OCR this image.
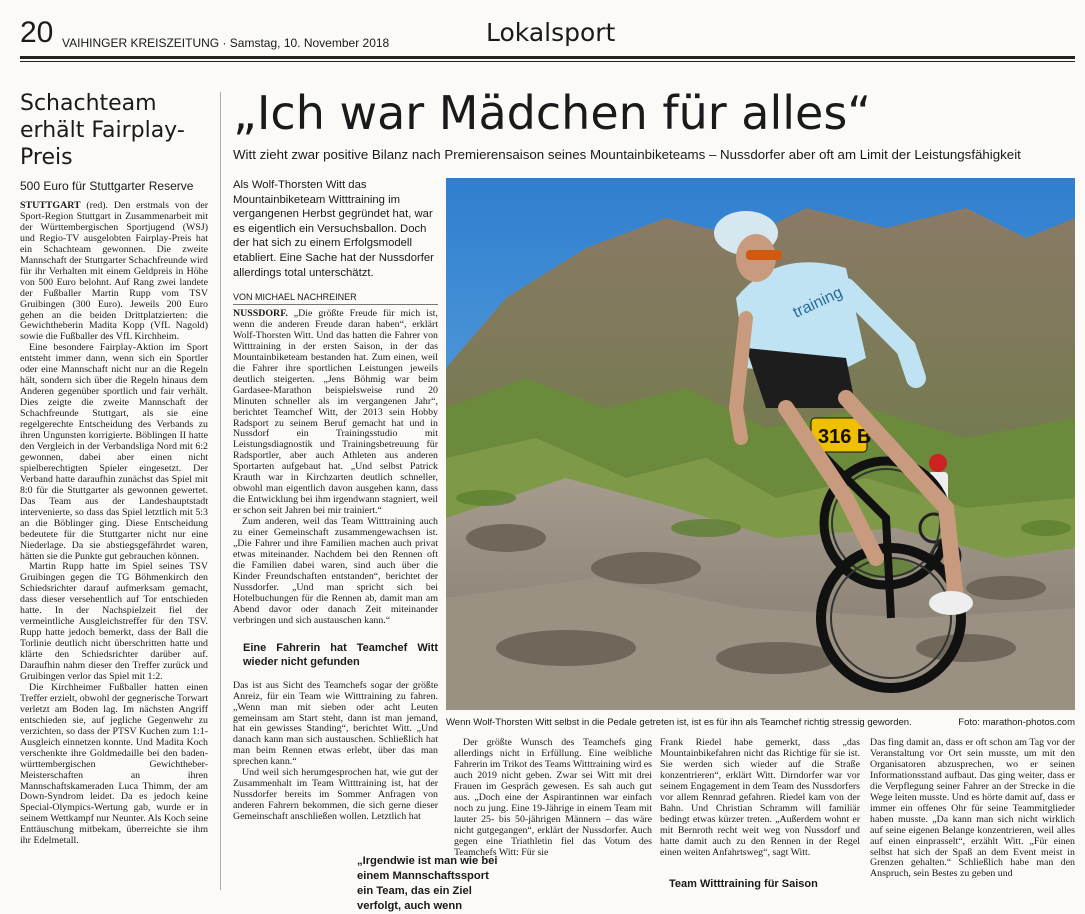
20 VAIHINGER KREISZEITUNG · Samstag, 10. November 2018	Lokalsport
Schachteam erhält Fairplay-Preis
500 Euro für Stuttgarter Reserve

STUTTGART (red). Den erstmals von der Sport-Region Stuttgart in Zusammenarbeit mit der Württembergischen Sportjugend (WSJ) und Regio-TV ausgelobten Fairplay-Preis hat ein Schachteam gewonnen. Die zweite Mannschaft der Stuttgarter Schachfreunde wird für ihr Verhalten mit einem Geldpreis in Höhe von 500 Euro belohnt. Auf Rang zwei landete der Fußballer Martin Rupp vom TSV Gruibingen (300 Euro). Jeweils 200 Euro gehen an die beiden Drittplatzierten: die Gewichtheberin Madita Kopp (VfL Nagold) sowie die Fußballer des VfL Kirchheim.

Eine besondere Fairplay-Aktion im Sport entsteht immer dann, wenn sich ein Sportler oder eine Mannschaft nicht nur an die Regeln hält, sondern sich über die Regeln hinaus dem Anderen gegenüber sportlich und fair verhält. Dies zeigte die zweite Mannschaft der Schachfreunde Stuttgart, als sie eine regelgerechte Entscheidung des Verbands zu ihren Ungunsten korrigierte. Böblingen II hatte den Vergleich in der Verbandsliga Nord mit 6:2 gewonnen, dabei aber einen nicht spielberechtigten Spieler eingesetzt. Der Verband hatte daraufhin zunächst das Spiel mit 8:0 für die Stuttgarter als gewonnen gewertet. Das Team aus der Landeshauptstadt intervenierte, so dass das Spiel letztlich mit 5:3 an die Böblinger ging. Diese Entscheidung bedeutete für die Stuttgarter nicht nur eine Niederlage. Da sie abstiegsgefährdet waren, hätten sie die Punkte gut gebrauchen können.

Martin Rupp hatte im Spiel seines TSV Gruibingen gegen die TG Böhmenkirch den Schiedsrichter darauf aufmerksam gemacht, dass dieser versehentlich auf Tor entschieden hatte. In der Nachspielzeit fiel der vermeintliche Ausgleichstreffer für den TSV. Rupp hatte jedoch bemerkt, dass der Ball die Torlinie deutlich nicht überschritten hatte und klärte den Schiedsrichter darüber auf. Daraufhin nahm dieser den Treffer zurück und Gruibingen verlor das Spiel mit 1:2.

Die Kirchheimer Fußballer hatten einen Treffer erzielt, obwohl der gegnerische Torwart verletzt am Boden lag. Im nächsten Angriff entschieden sie, auf jegliche Gegenwehr zu verzichten, so dass der PTSV Kuchen zum 1:1-Ausgleich einnetzen konnte. Und Madita Koch verschenkte ihre Goldmedaille bei den baden-württembergischen Gewichtheber-Meisterschaften an ihren Mannschaftskameraden Luca Thimm, der am Down-Syndrom leidet. Da es jedoch keine Special-Olympics-Wertung gab, wurde er in seinem Wettkampf nur Neunter. Als Koch seine Enttäuschung mitbekam, überreichte sie ihm ihr Edelmetall.

„Ich war Mädchen für alles“
Witt zieht zwar positive Bilanz nach Premierensaison seines Mountainbiketeams – Nussdorfer aber oft am Limit der Leistungsfähigkeit
Als Wolf-Thorsten Witt das Mountainbiketeam Witttraining im vergangenen Herbst gegründet hat, war es eigentlich ein Versuchsballon. Doch der hat sich zu einem Erfolgsmodell etabliert. Eine Sache hat der Nussdorfer allerdings total unterschätzt.
VON MICHAEL NACHREINER

NUSSDORF. „Die größte Freude für mich ist, wenn die anderen Freude daran haben“, erklärt Wolf-Thorsten Witt. Und das hatten die Fahrer von Witttraining in der ersten Saison, in der das Mountainbiketeam bestanden hat. Zum einen, weil die Fahrer ihre sportlichen Leistungen jeweils deutlich steigerten. „Jens Böhmig war beim Gardasee-Marathon beispielsweise rund 20 Minuten schneller als im vergangenen Jahr“, berichtet Teamchef Witt, der 2013 sein Hobby Radsport zu seinem Beruf gemacht hat und in Nussdorf ein Trainingsstudio mit Leistungsdiagnostik und Trainingsbetreuung für Radsportler, aber auch Athleten aus anderen Sportarten aufgebaut hat. „Und selbst Patrick Krauth war in Kirchzarten deutlich schneller, obwohl man eigentlich davon ausgehen kann, dass die Entwicklung bei ihm irgendwann stagniert, weil er schon seit Jahren bei mir trainiert.“

Zum anderen, weil das Team Witttraining auch zu einer Gemeinschaft zusammengewachsen ist. „Die Fahrer und ihre Familien machen auch privat etwas miteinander. Nachdem bei den Rennen oft die Familien dabei waren, sind auch über die Kinder Freundschaften entstanden“, berichtet der Nussdorfer. „Und man spricht sich bei Hotelbuchungen für die Rennen ab, damit man am Abend davor oder danach Zeit miteinander verbringen und sich austauschen kann.“

Eine Fahrerin hat Teamchef Witt wieder nicht gefunden

Das ist aus Sicht des Teamchefs sogar der größte Anreiz, für ein Team wie Witttraining zu fahren. „Wenn man mit sieben oder acht Leuten gemeinsam am Start steht, dann ist man jemand, hat ein gewisses Standing“, berichtet Witt. „Und danach kann man sich austauschen. Schließlich hat man beim Rennen etwas erlebt, über das man sprechen kann.“

Und weil sich herumgesprochen hat, wie gut der Zusammenhalt im Team Witttraining ist, hat der Nussdorfer bereits im Sommer Anfragen von anderen Fahrern bekommen, die sich gerne dieser Gemeinschaft anschließen wollen. Letztlich hat

316 B
training
Wenn Wolf-Thorsten Witt selbst in die Pedale getreten ist, ist es für ihn als Teamchef richtig stressig geworden.	Foto: marathon-photos.com

Der größte Wunsch des Teamchefs ging allerdings nicht in Erfüllung. Eine weibliche Fahrerin im Trikot des Teams Witttraining wird es auch 2019 nicht geben. Zwar sei Witt mit drei Frauen im Gespräch gewesen. Es sah auch gut aus. „Doch eine der Aspirantinnen war einfach noch zu jung. Eine 19-Jährige in einem Team mit lauter 25- bis 50-jährigen Männern – das wäre nicht gutgegangen“, erklärt der Nussdorfer. Auch gegen eine Triathletin fiel das Votum des Teamchefs Witt: Für sie

„Irgendwie ist man wie bei einem Mannschaftssport ein Team, das ein Ziel verfolgt, auch wenn

Frank Riedel habe gemerkt, dass „das Mountainbikefahren nicht das Richtige für sie ist. Sie werden sich wieder auf die Straße konzentrieren“, erklärt Witt. Dirndorfer war vor seinem Engagement in dem Team des Nussdorfers vor allem Rennrad gefahren. Riedel kam von der Bahn. Und Christian Schramm will familiär bedingt etwas kürzer treten. „Außerdem wohnt er mit Bernroth recht weit weg von Nussdorf und hatte damit auch zu den Rennen in der Regel einen weiten Anfahrtsweg“, sagt Witt.

Team Witttraining für Saison

Das fing damit an, dass er oft schon am Tag vor der Veranstaltung vor Ort sein musste, um mit den Organisatoren abzusprechen, wo er seinen Informationsstand aufbaut. Das ging weiter, dass er die Verpflegung seiner Fahrer an der Strecke in die Wege leiten musste. Und es hörte damit auf, dass er immer ein offenes Ohr für seine Teammitglieder haben musste. „Da kann man sich nicht wirklich auf seine eigenen Belange konzentrieren, weil alles auf einen einprasselt“, erzählt Witt. „Für einen selbst hat sich der Spaß an dem Event meist in Grenzen gehalten.“ Schließlich habe man den Anspruch, sein Bestes zu geben und
